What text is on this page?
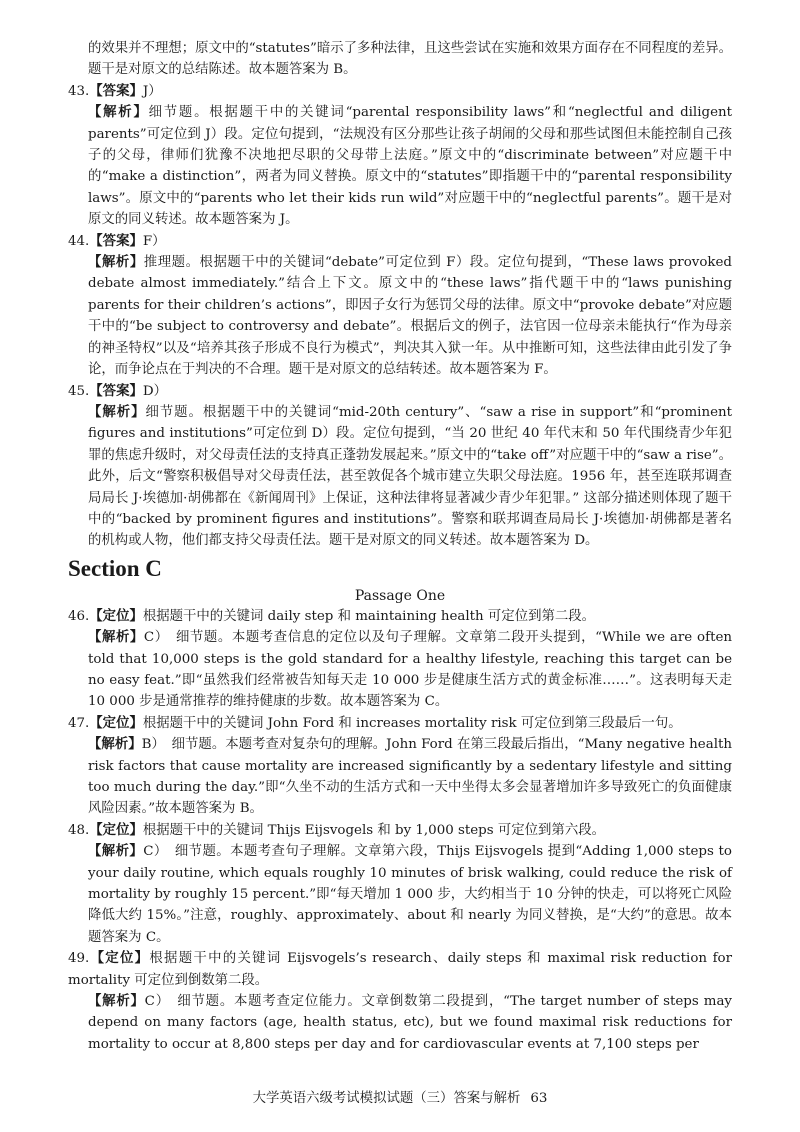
的效果并不理想；原文中的“statutes”暗示了多种法律，且这些尝试在实施和效果方面存在不同程度的差异。题干是对原文的总结陈述。故本题答案为 B。

43.【答案】J）

【解析】细节题。根据题干中的关键词“parental responsibility laws”和“neglectful and diligent parents”可定位到 J）段。定位句提到，“法规没有区分那些让孩子胡闹的父母和那些试图但未能控制自己孩子的父母，律师们犹豫不决地把尽职的父母带上法庭。”原文中的“discriminate between”对应题干中的“make a distinction”，两者为同义替换。原文中的“statutes”即指题干中的“parental responsibility laws”。原文中的“parents who let their kids run wild”对应题干中的“neglectful parents”。题干是对原文的同义转述。故本题答案为 J。

44.【答案】F）

【解析】推理题。根据题干中的关键词“debate”可定位到 F）段。定位句提到，“These laws provoked debate almost immediately.”结合上下文。原文中的“these laws”指代题干中的“laws punishing parents for their children’s actions”，即因子女行为惩罚父母的法律。原文中“provoke debate”对应题干中的“be subject to controversy and debate”。根据后文的例子，法官因一位母亲未能执行“作为母亲的神圣特权”以及“培养其孩子形成不良行为模式”，判决其入狱一年。从中推断可知，这些法律由此引发了争论，而争论点在于判决的不合理。题干是对原文的总结转述。故本题答案为 F。

45.【答案】D）

【解析】细节题。根据题干中的关键词“mid-20th century”、“saw a rise in support”和“prominent figures and institutions”可定位到 D）段。定位句提到，“当 20 世纪 40 年代末和 50 年代围绕青少年犯罪的焦虑升级时，对父母责任法的支持真正蓬勃发展起来。”原文中的“take off”对应题干中的“saw a rise”。此外，后文“警察积极倡导对父母责任法，甚至敦促各个城市建立失职父母法庭。1956 年，甚至连联邦调查局局长 J·埃德加·胡佛都在《新闻周刊》上保证，这种法律将显著减少青少年犯罪。” 这部分描述则体现了题干中的“backed by prominent figures and institutions”。警察和联邦调查局局长 J·埃德加·胡佛都是著名的机构或人物，他们都支持父母责任法。题干是对原文的同义转述。故本题答案为 D。

Section C
Passage One

46.【定位】根据题干中的关键词 daily step 和 maintaining health 可定位到第二段。

【解析】C）　细节题。本题考查信息的定位以及句子理解。文章第二段开头提到，“While we are often told that 10,000 steps is the gold standard for a healthy lifestyle, reaching this target can be no easy feat.”即“虽然我们经常被告知每天走 10 000 步是健康生活方式的黄金标准……”。这表明每天走 10 000 步是通常推荐的维持健康的步数。故本题答案为 C。

47.【定位】根据题干中的关键词 John Ford 和 increases mortality risk 可定位到第三段最后一句。

【解析】B）　细节题。本题考查对复杂句的理解。John Ford 在第三段最后指出，“Many negative health risk factors that cause mortality are increased significantly by a sedentary lifestyle and sitting too much during the day.”即“久坐不动的生活方式和一天中坐得太多会显著增加许多导致死亡的负面健康风险因素。”故本题答案为 B。

48.【定位】根据题干中的关键词 Thijs Eijsvogels 和 by 1,000 steps 可定位到第六段。

【解析】C）　细节题。本题考查句子理解。文章第六段，Thijs Eijsvogels 提到“Adding 1,000 steps to your daily routine, which equals roughly 10 minutes of brisk walking, could reduce the risk of mortality by roughly 15 percent.”即“每天增加 1 000 步，大约相当于 10 分钟的快走，可以将死亡风险降低大约 15%。”注意，roughly、approximately、about 和 nearly 为同义替换，是“大约”的意思。故本题答案为 C。

49.【定位】根据题干中的关键词 Eijsvogels’s research、daily steps 和 maximal risk reduction for mortality 可定位到倒数第二段。

【解析】C）　细节题。本题考查定位能力。文章倒数第二段提到，“The target number of steps may depend on many factors (age, health status, etc), but we found maximal risk reductions for mortality to occur at 8,800 steps per day and for cardiovascular events at 7,100 steps per

大学英语六级考试模拟试题（三）答案与解析 63
